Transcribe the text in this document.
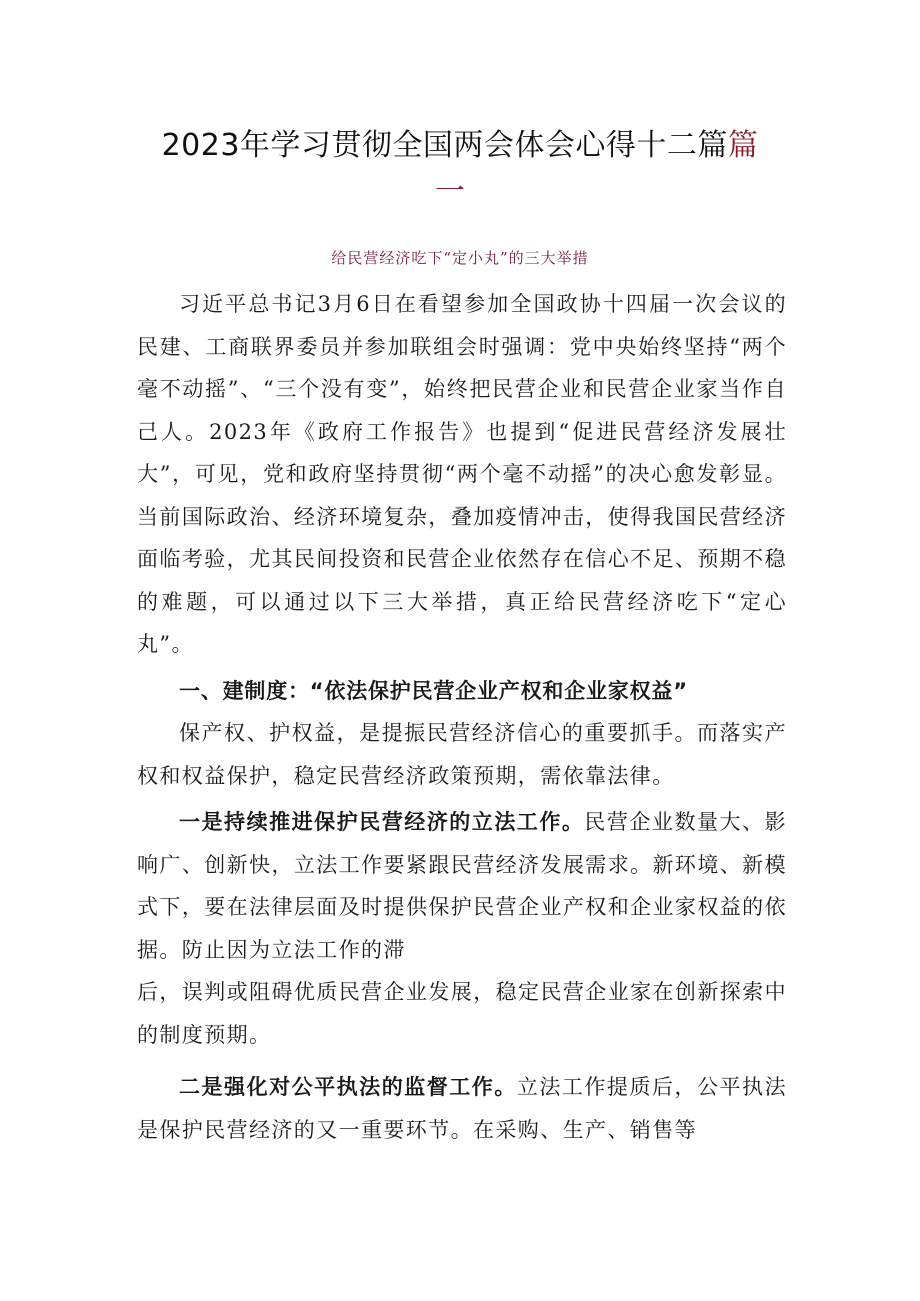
2023年学习贯彻全国两会体会心得十二篇篇
一
给民营经济吃下“定小丸”的三大举措

习近平总书记3月6日在看望参加全国政协十四届一次会议的民建、工商联界委员并参加联组会时强调：党中央始终坚持“两个毫不动摇”、“三个没有变”，始终把民营企业和民营企业家当作自己人。2023年《政府工作报告》也提到“促进民营经济发展壮大”，可见，党和政府坚持贯彻“两个毫不动摇”的决心愈发彰显。当前国际政治、经济环境复杂，叠加疫情冲击，使得我国民营经济面临考验，尤其民间投资和民营企业依然存在信心不足、预期不稳的难题，可以通过以下三大举措，真正给民营经济吃下“定心丸”。

一、建制度：“依法保护民营企业产权和企业家权益”

保产权、护权益，是提振民营经济信心的重要抓手。而落实产权和权益保护，稳定民营经济政策预期，需依靠法律。

一是持续推进保护民营经济的立法工作。民营企业数量大、影响广、创新快，立法工作要紧跟民营经济发展需求。新环境、新模式下，要在法律层面及时提供保护民营企业产权和企业家权益的依据。防止因为立法工作的滞

后，误判或阻碍优质民营企业发展，稳定民营企业家在创新探索中的制度预期。

二是强化对公平执法的监督工作。立法工作提质后，公平执法是保护民营经济的又一重要环节。在采购、生产、销售等
